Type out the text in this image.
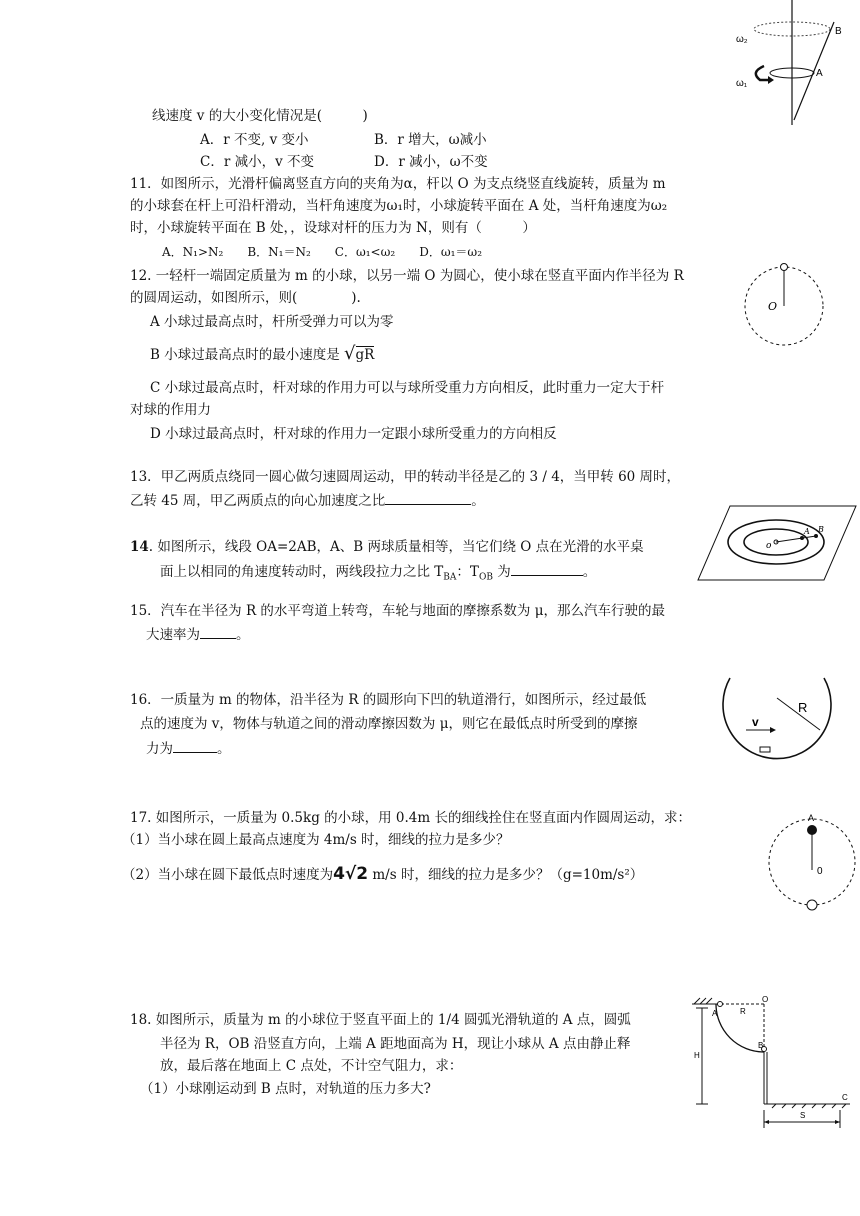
B
A
ω₂
ω₁
线速度 v 的大小变化情况是(　　　)
A．r 不变, v 变小	B．r 增大，ω减小
C．r 减小，v 不变	D．r 减小，ω不变
11．如图所示，光滑杆偏离竖直方向的夹角为α，杆以 O 为支点绕竖直线旋转，质量为 m
的小球套在杆上可沿杆滑动，当杆角速度为ω₁时，小球旋转平面在 A 处，当杆角速度为ω₂
时，小球旋转平面在 B 处，，设球对杆的压力为 N，则有（　　　）
A．N₁>N₂　　B．N₁＝N₂　　C．ω₁<ω₂　　D．ω₁＝ω₂
12. 一轻杆一端固定质量为 m 的小球，以另一端 O 为圆心，使小球在竖直平面内作半径为 R
的圆周运动，如图所示，则(　　　　).
A 小球过最高点时，杆所受弹力可以为零
B 小球过最高点时的最小速度是 √gR
C 小球过最高点时，杆对球的作用力可以与球所受重力方向相反，此时重力一定大于杆
对球的作用力
D 小球过最高点时，杆对球的作用力一定跟小球所受重力的方向相反
O
13．甲乙两质点绕同一圆心做匀速圆周运动，甲的转动半径是乙的 3 / 4，当甲转 60 周时，
乙转 45 周，甲乙两质点的向心加速度之比	。
14. 如图所示，线段 OA=2AB，A、B 两球质量相等，当它们绕 O 点在光滑的水平桌
面上以相同的角速度转动时，两线段拉力之比 $T_{BA}$：$T_{OB}$ 为	。
o
A B
15．汽车在半径为 R 的水平弯道上转弯，车轮与地面的摩擦系数为 μ，那么汽车行驶的最
大速率为	。
16．一质量为 m 的物体，沿半径为 R 的圆形向下凹的轨道滑行，如图所示，经过最低
点的速度为 v，物体与轨道之间的滑动摩擦因数为 μ，则它在最低点时所受到的摩擦
力为	。
v
R
17. 如图所示，一质量为 0.5kg 的小球，用 0.4m 长的细线拴住在竖直面内作圆周运动，求：
（1）当小球在圆上最高点速度为 4m/s 时，细线的拉力是多少？
（2）当小球在圆下最低点时速度为4√2 m/s 时，细线的拉力是多少？（g=10m/s²）
A
0
18. 如图所示，质量为 m 的小球位于竖直平面上的 1/4 圆弧光滑轨道的 A 点，圆弧
半径为 R，OB 沿竖直方向，上端 A 距地面高为 H，现让小球从 A 点由静止释
放，最后落在地面上 C 点处，不计空气阻力，求：
（1）小球刚运动到 B 点时，对轨道的压力多大?
A	R
O
B
H
C
S
